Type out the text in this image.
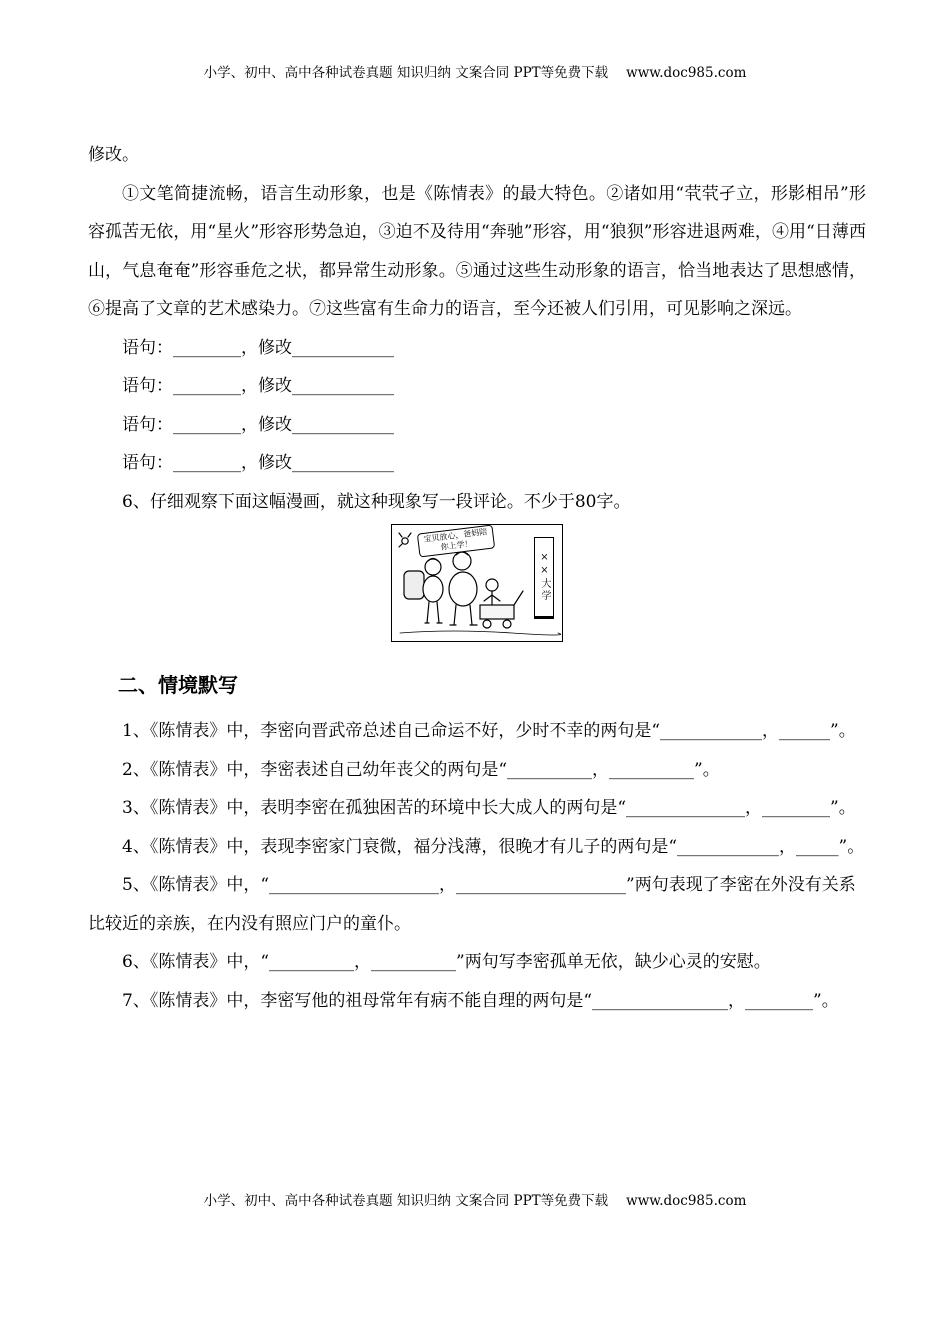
小学、初中、高中各种试卷真题 知识归纳 文案合同 PPT等免费下载 www.doc985.com

修改。

①文笔简捷流畅，语言生动形象，也是《陈情表》的最大特色。②诸如用“茕茕孑立，形影相吊”形容孤苦无依，用“星火”形容形势急迫，③迫不及待用“奔驰”形容，用“狼狈”形容进退两难，④用“日薄西山，气息奄奄”形容垂危之状，都异常生动形象。⑤通过这些生动形象的语言，恰当地表达了思想感情，⑥提高了文章的艺术感染力。⑦这些富有生命力的语言，至今还被人们引用，可见影响之深远。

语句：________，修改____________

语句：________，修改____________

语句：________，修改____________

语句：________，修改____________

6、仔细观察下面这幅漫画，就这种现象写一段评论。不少于80字。

宝贝放心，爸妈陪你上学！
××大学
二、情境默写

1、《陈情表》中，李密向晋武帝总述自己命运不好，少时不幸的两句是“____________，______”。

2、《陈情表》中，李密表述自己幼年丧父的两句是“__________，__________”。

3、《陈情表》中，表明李密在孤独困苦的环境中长大成人的两句是“______________，________”。

4、《陈情表》中，表现李密家门衰微，福分浅薄，很晚才有儿子的两句是“____________，_____”。

5、《陈情表》中，“____________________，____________________”两句表现了李密在外没有关系比较近的亲族，在内没有照应门户的童仆。

6、《陈情表》中，“__________，__________”两句写李密孤单无依，缺少心灵的安慰。

7、《陈情表》中，李密写他的祖母常年有病不能自理的两句是“________________，________”。

小学、初中、高中各种试卷真题 知识归纳 文案合同 PPT等免费下载 www.doc985.com
